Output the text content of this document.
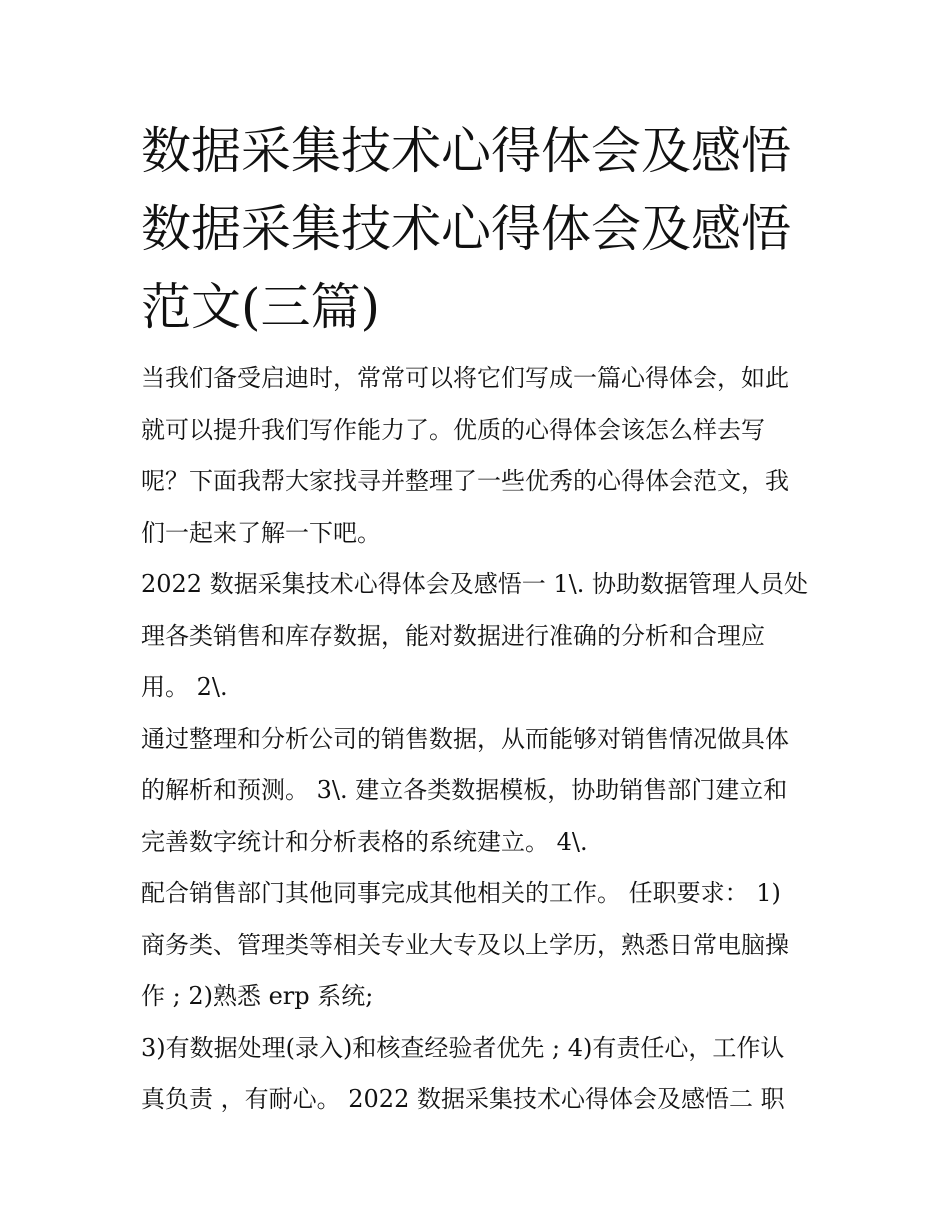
数据采集技术心得体会及感悟
数据采集技术心得体会及感悟
范文(三篇)
当我们备受启迪时，常常可以将它们写成一篇心得体会，如此
就可以提升我们写作能力了。优质的心得体会该怎么样去写
呢？下面我帮大家找寻并整理了一些优秀的心得体会范文，我
们一起来了解一下吧。
2022 数据采集技术心得体会及感悟一 1\. 协助数据管理人员处
理各类销售和库存数据，能对数据进行准确的分析和合理应
用。 2\.
通过整理和分析公司的销售数据，从而能够对销售情况做具体
的解析和预测。 3\. 建立各类数据模板，协助销售部门建立和
完善数字统计和分析表格的系统建立。 4\.
配合销售部门其他同事完成其他相关的工作。 任职要求： 1)
商务类、管理类等相关专业大专及以上学历，熟悉日常电脑操
作 ; 2)熟悉 erp 系统;
3)有数据处理(录入)和核查经验者优先 ; 4)有责任心，工作认
真负责 ，有耐心。 2022 数据采集技术心得体会及感悟二 职
